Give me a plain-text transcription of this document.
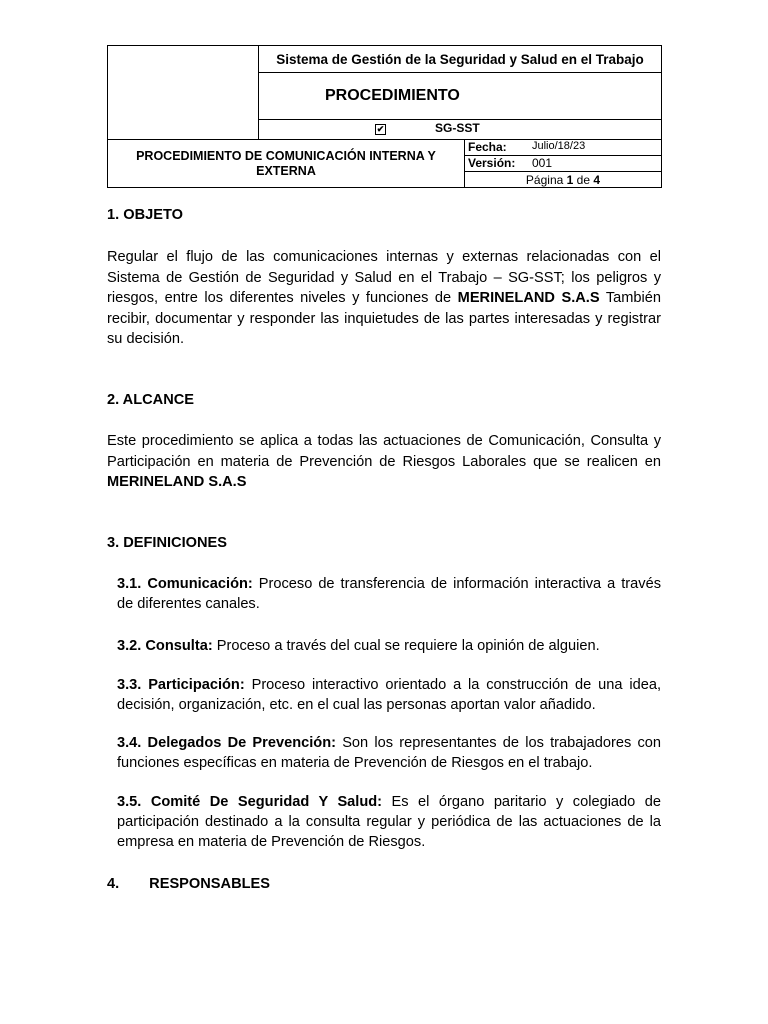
	Sistema de Gestión de la Seguridad y Salud en el Trabajo	
	PROCEDIMIENTO	

	✔ SG-SST	

PROCEDIMIENTO DE COMUNICACIÓN INTERNA Y EXTERNA		Fecha: Julio/18/23

		Versión: 001

		Página 1 de 4
1. OBJETO
Regular el flujo de las comunicaciones internas y externas relacionadas con el Sistema de Gestión de Seguridad y Salud en el Trabajo – SG-SST; los peligros y riesgos, entre los diferentes niveles y funciones de MERINELAND S.A.S También recibir, documentar y responder las inquietudes de las partes interesadas y registrar su decisión.
2. ALCANCE
Este procedimiento se aplica a todas las actuaciones de Comunicación, Consulta y Participación en materia de Prevención de Riesgos Laborales que se realicen en MERINELAND S.A.S
3. DEFINICIONES
3.1. Comunicación: Proceso de transferencia de información interactiva a través de diferentes canales.
3.2. Consulta: Proceso a través del cual se requiere la opinión de alguien.
3.3. Participación: Proceso interactivo orientado a la construcción de una idea, decisión, organización, etc. en el cual las personas aportan valor añadido.
3.4. Delegados De Prevención: Son los representantes de los trabajadores con funciones específicas en materia de Prevención de Riesgos en el trabajo.
3.5. Comité De Seguridad Y Salud: Es el órgano paritario y colegiado de participación destinado a la consulta regular y periódica de las actuaciones de la empresa en materia de Prevención de Riesgos.
4. RESPONSABLES
